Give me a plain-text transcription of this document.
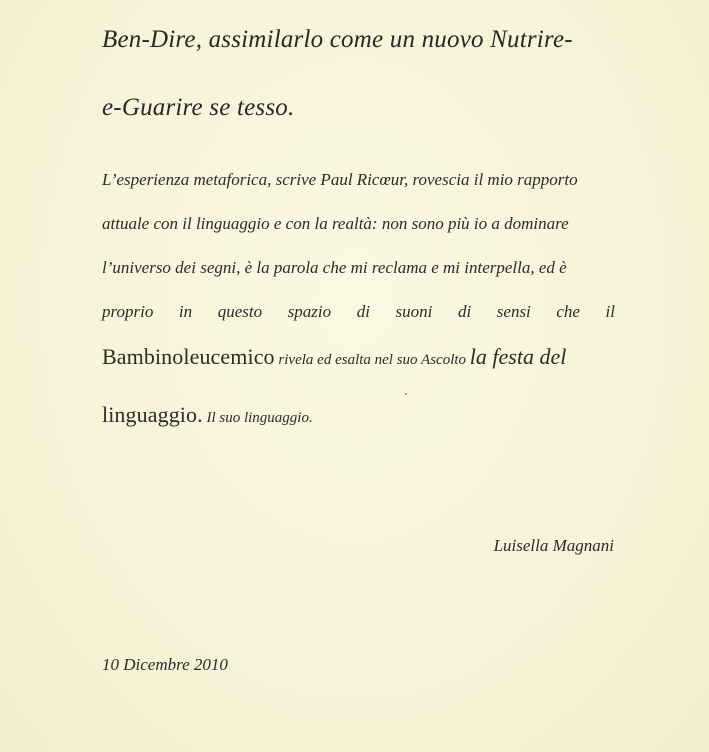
Ben-Dire, assimilarlo come un nuovo Nutrire-

e-Guarire se tesso.

L’esperienza metaforica, scrive Paul Ricœur, rovescia il mio rapporto

attuale con il linguaggio e con la realtà: non sono più io a dominare

l’universo dei segni, è la parola che mi reclama e mi interpella, ed è

proprio in questo spazio di suoni di sensi che il

Bambinoleucemico rivela ed esalta nel suo Ascolto la festa del

linguaggio. Il suo linguaggio.

Luisella Magnani

10 Dicembre 2010
